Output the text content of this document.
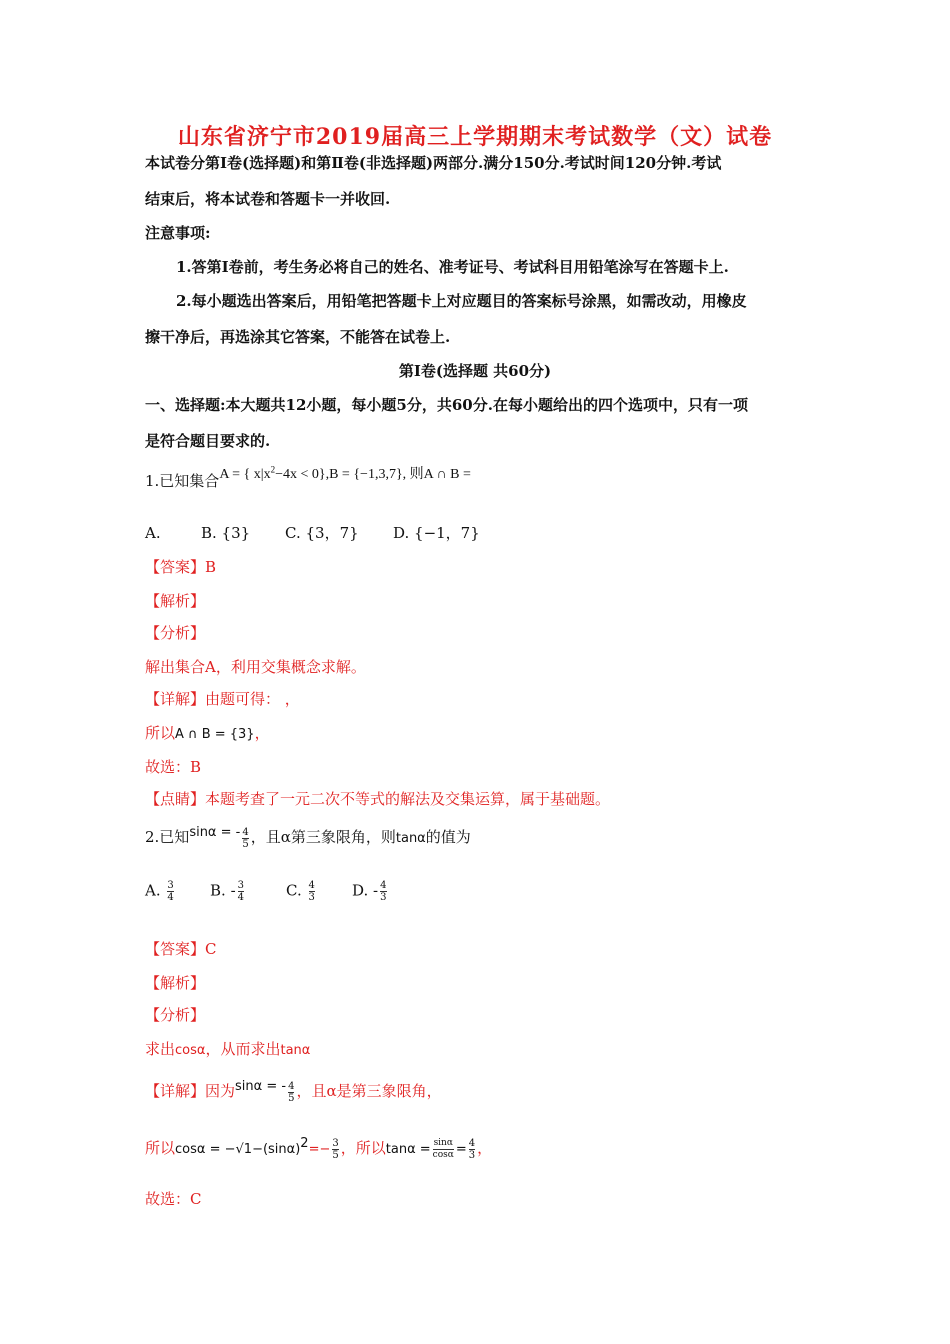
山东省济宁市2019届高三上学期期末考试数学（文）试卷
本试卷分第Ⅰ卷(选择题)和第Ⅱ卷(非选择题)两部分.满分150分.考试时间120分钟.考试
结束后，将本试卷和答题卡一并收回.
注意事项:
1.答第Ⅰ卷前，考生务必将自己的姓名、准考证号、考试科目用铅笔涂写在答题卡上.
2.每小题选出答案后，用铅笔把答题卡上对应题目的答案标号涂黑，如需改动，用橡皮
擦干净后，再选涂其它答案，不能答在试卷上.
第Ⅰ卷(选择题 共60分)
一、选择题:本大题共12小题，每小题5分，共60分.在每小题给出的四个选项中，只有一项
是符合题目要求的.
1.已知集合A = { $x|x^2-4x < 0\},B = \{-1,3,7\}$, 则A ∩ B =
A.	B. {3} C. {3，7} D. {−1，7}
【答案】B
【解析】
【分析】
解出集合A，利用交集概念求解。
【详解】由题可得： ，
所以A ∩ B = {3}，
故选：B
【点睛】本题考查了一元二次不等式的解法及交集运算，属于基础题。
2.已知sinα = - $\frac{4}{5}$ ，且α第三象限角，则tanα的值为
A. $\frac{3}{4} B$. - $\frac{3}{4}$	C. $\frac{4}{3} D$. - $\frac{4}{3}$
【答案】C
【解析】
【分析】
求出cosα，从而求出tanα
【详解】因为sinα = - $\frac{4}{5}$ ，且α是第三象限角，
所以$\cos\alpha = -√1-(\sin\alpha)^2=- \frac{3}{5}$ ，所以$\tan\alpha = \frac{\sin\alpha}{\cos\alpha} = \frac{4}{3}$ ，
故选：C
